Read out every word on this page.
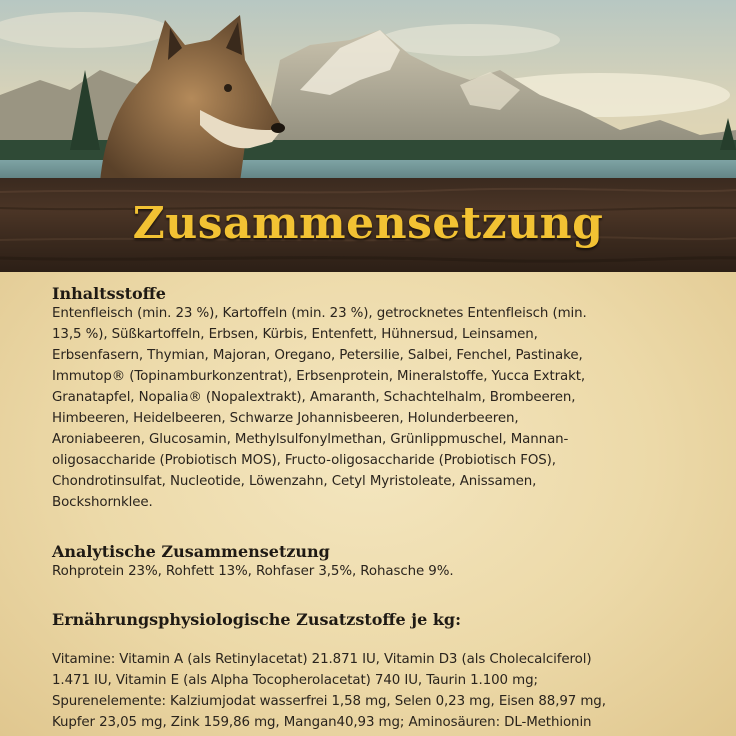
Zusammensetzung

Inhaltsstoffe

Entenfleisch (min. 23 %), Kartoffeln (min. 23 %), getrocknetes Entenfleisch (min.
13,5 %), Süßkartoffeln, Erbsen, Kürbis, Entenfett, Hühnersud, Leinsamen,
Erbsenfasern, Thymian, Majoran, Oregano, Petersilie, Salbei, Fenchel, Pastinake,
Immutop® (Topinamburkonzentrat), Erbsenprotein, Mineralstoffe, Yucca Extrakt,
Granatapfel, Nopalia® (Nopalextrakt), Amaranth, Schachtelhalm, Brombeeren,
Himbeeren, Heidelbeeren, Schwarze Johannisbeeren, Holunderbeeren,
Aroniabeeren, Glucosamin, Methylsulfonylmethan, Grünlippmuschel, Mannan-
oligosaccharide (Probiotisch MOS), Fructo-oligosaccharide (Probiotisch FOS),
Chondrotinsulfat, Nucleotide, Löwenzahn, Cetyl Myristoleate, Anissamen,
Bockshornklee.

Analytische Zusammensetzung

Rohprotein 23%, Rohfett 13%, Rohfaser 3,5%, Rohasche 9%.

Ernährungsphysiologische Zusatzstoffe je kg:

Vitamine: Vitamin A (als Retinylacetat) 21.871 IU, Vitamin D3 (als Cholecalciferol)
1.471 IU, Vitamin E (als Alpha Tocopherolacetat) 740 IU, Taurin 1.100 mg;
Spurenelemente: Kalziumjodat wasserfrei 1,58 mg, Selen 0,23 mg, Eisen 88,97 mg,
Kupfer 23,05 mg, Zink 159,86 mg, Mangan40,93 mg; Aminosäuren: DL-Methionin
